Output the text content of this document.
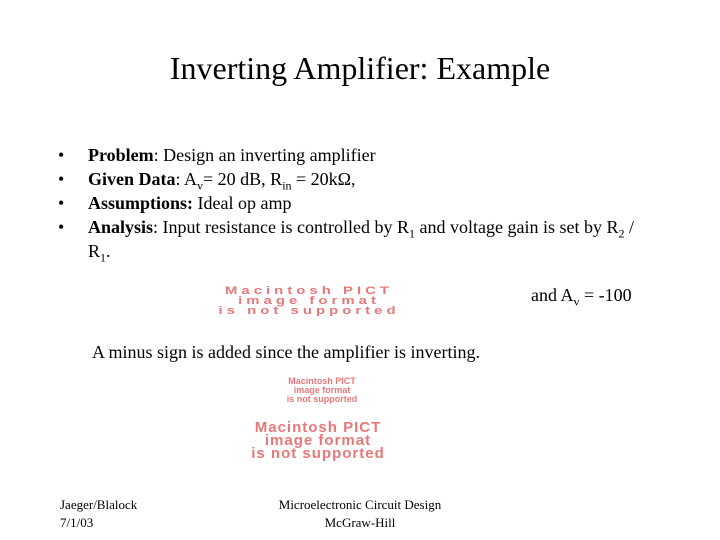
Inverting Amplifier: Example
•	Problem: Design an inverting amplifier
•	Given Data: $A_v= 20$ dB, $R_{in} = 20k\Omega$,
•	Assumptions: Ideal op amp
•	Analysis: Input resistance is controlled by $R_1$ and voltage gain is set by $R_2 / R_1$.
Macintosh PICT
image format
is not supported
and $A_v = -100$
A minus sign is added since the amplifier is inverting.
Macintosh PICT
image format
is not supported
Macintosh PICT
image format
is not supported
Jaeger/Blalock
7/1/03
Microelectronic Circuit Design
McGraw-Hill
